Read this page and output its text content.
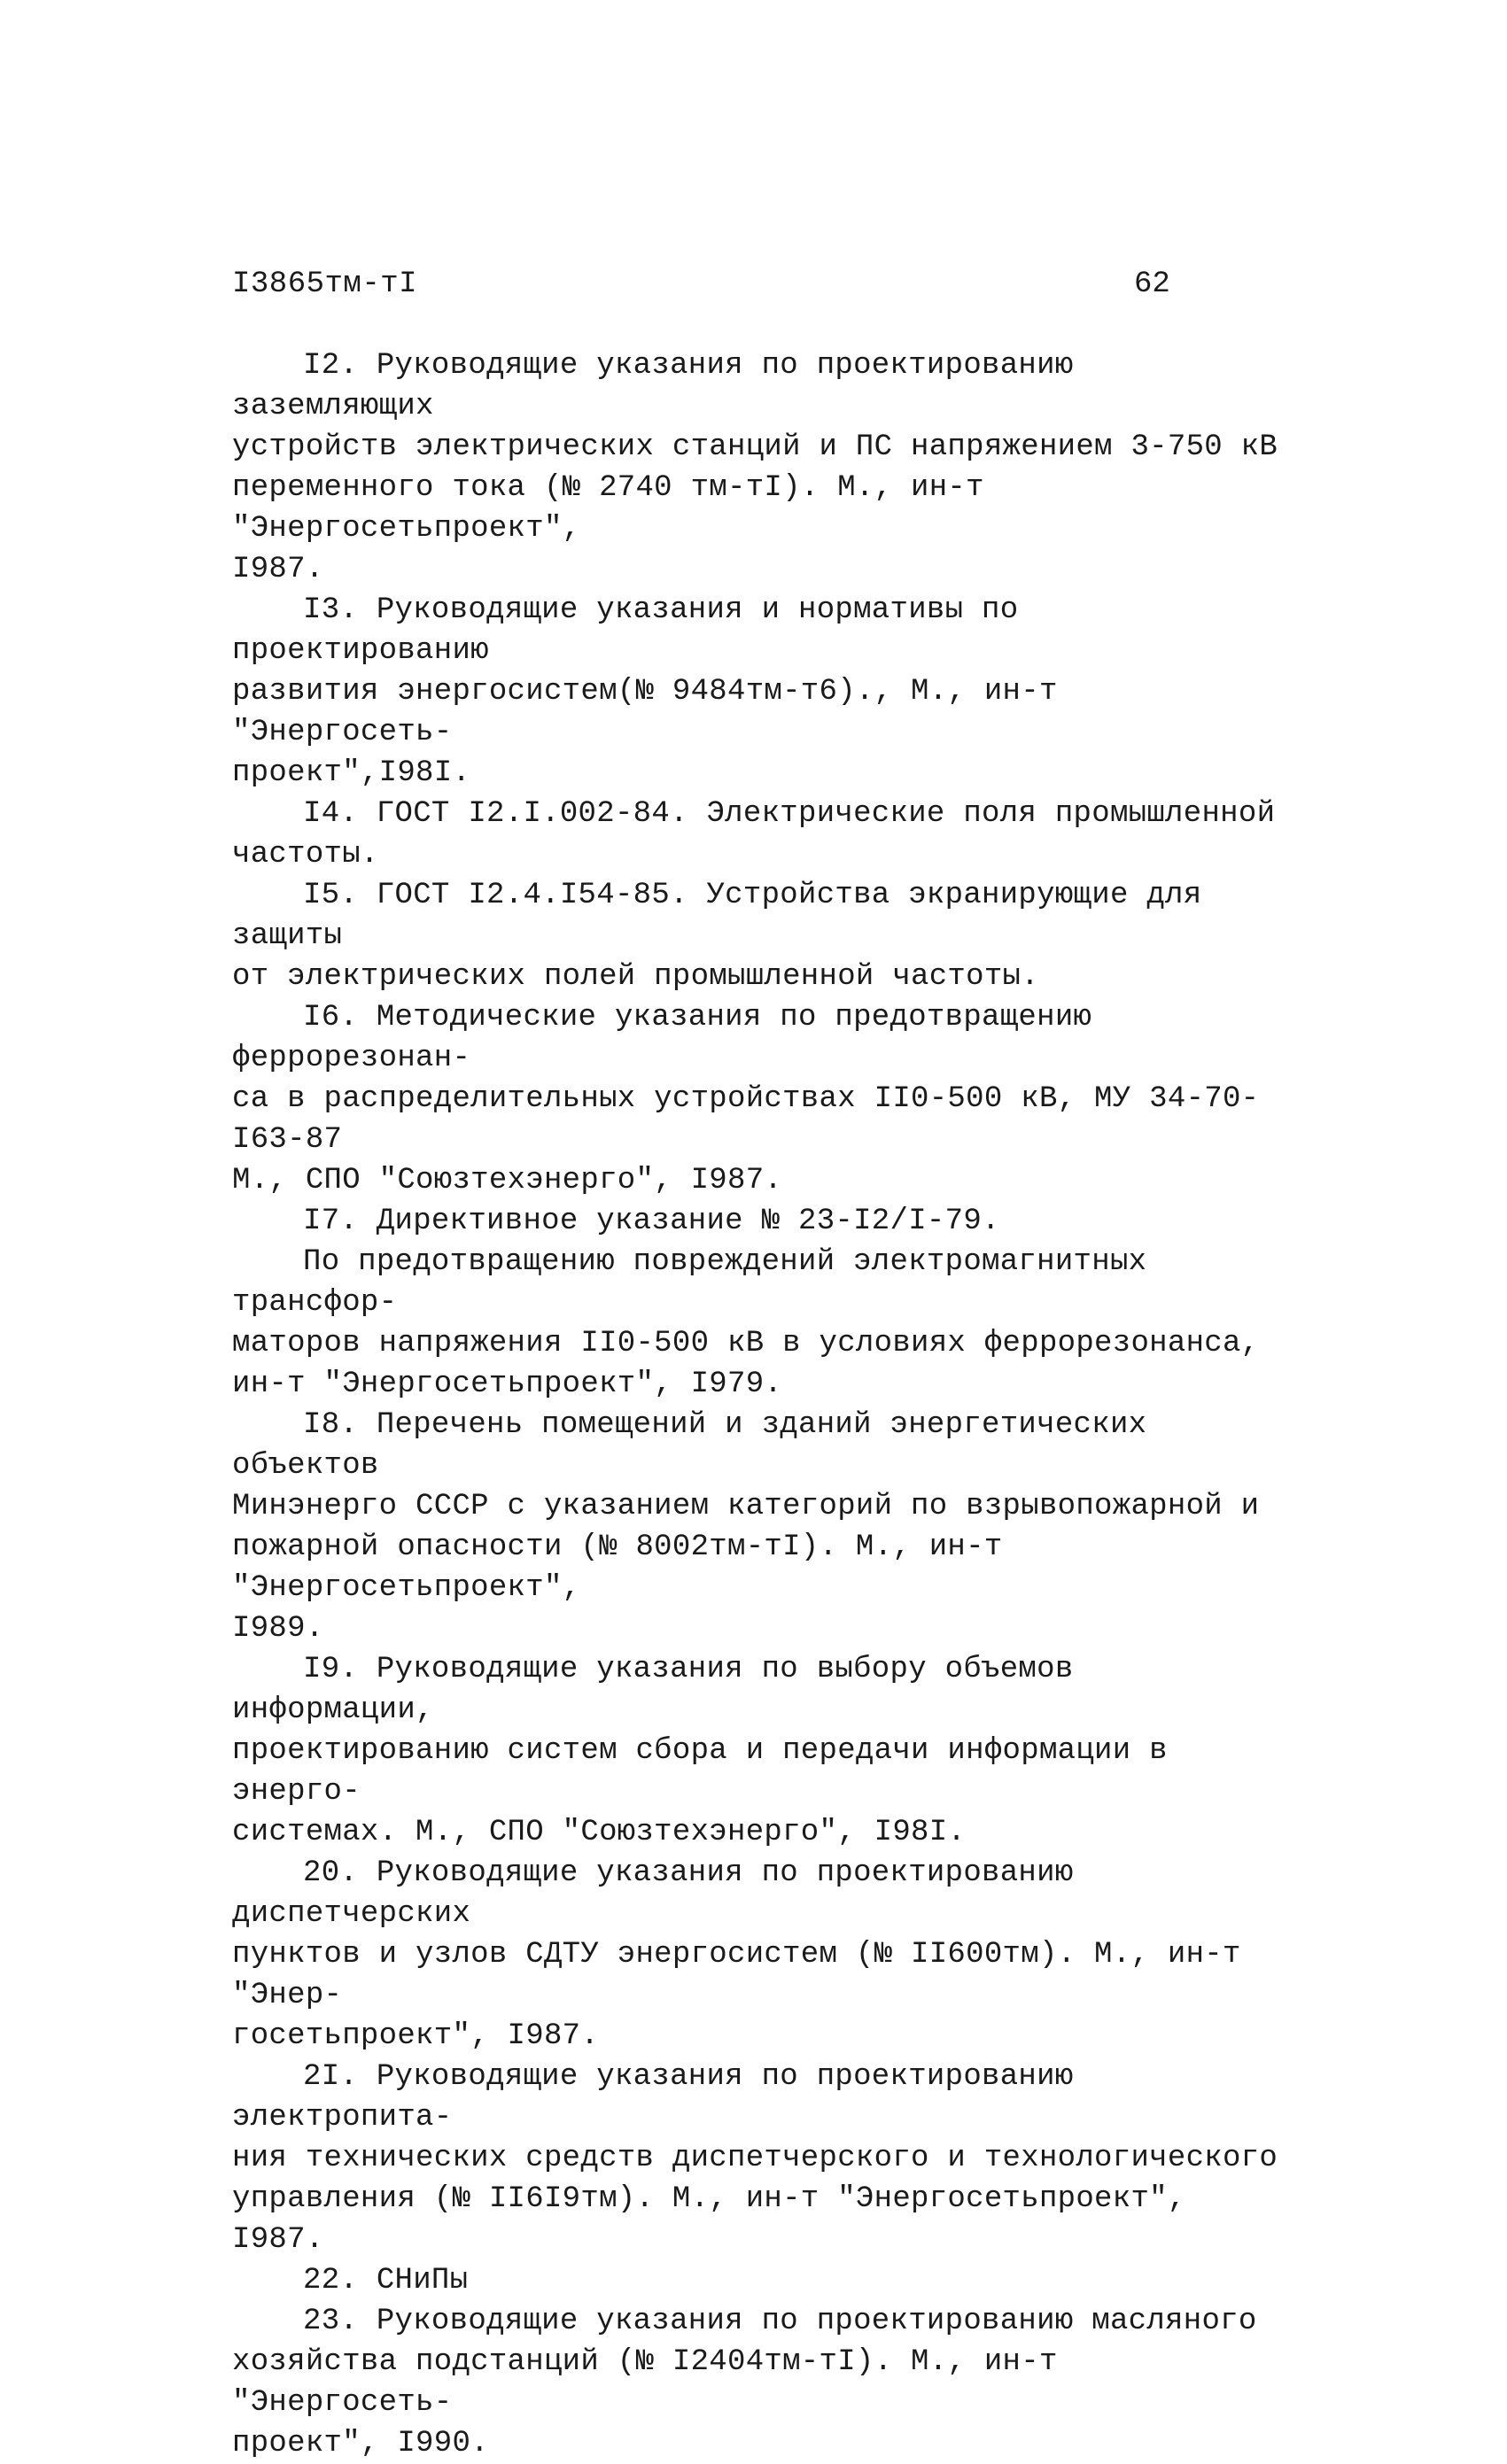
I3865тм-тI	62
I2. Руководящие указания по проектированию заземляющих
устройств электрических станций и ПС напряжением 3-750 кВ
переменного тока (№ 2740 тм-тI). М., ин-т "Энергосетьпроект",
I987.
I3. Руководящие указания и нормативы по проектированию
развития энергосистем(№ 9484тм-т6)., М., ин-т "Энергосеть-
проект",I98I.
I4. ГОСТ I2.I.002-84. Электрические поля промышленной
частоты.
I5. ГОСТ I2.4.I54-85. Устройства экранирующие для защиты
от электрических полей промышленной частоты.
I6. Методические указания по предотвращению феррорезонан-
са в распределительных устройствах II0-500 кВ, МУ 34-70-I63-87
М., СПО "Союзтехэнерго", I987.
I7. Директивное указание № 23-I2/I-79.
По предотвращению повреждений электромагнитных трансфор-
маторов напряжения II0-500 кВ в условиях феррорезонанса,
ин-т "Энергосетьпроект", I979.
I8. Перечень помещений и зданий энергетических объектов
Минэнерго СССР с указанием категорий по взрывопожарной и
пожарной опасности (№ 8002тм-тI). М., ин-т "Энергосетьпроект",
I989.
I9. Руководящие указания по выбору объемов информации,
проектированию систем сбора и передачи информации в энерго-
системах. М., СПО "Союзтехэнерго", I98I.
20. Руководящие указания по проектированию диспетчерских
пунктов и узлов СДТУ энергосистем (№ II600тм). М., ин-т "Энер-
госетьпроект", I987.
2I. Руководящие указания по проектированию электропита-
ния технических средств диспетчерского и технологического
управления (№ II6I9тм). М., ин-т "Энергосетьпроект", I987.
22. СНиПы
23. Руководящие указания по проектированию масляного
хозяйства подстанций (№ I2404тм-тI). М., ин-т "Энергосеть-
проект", I990.
